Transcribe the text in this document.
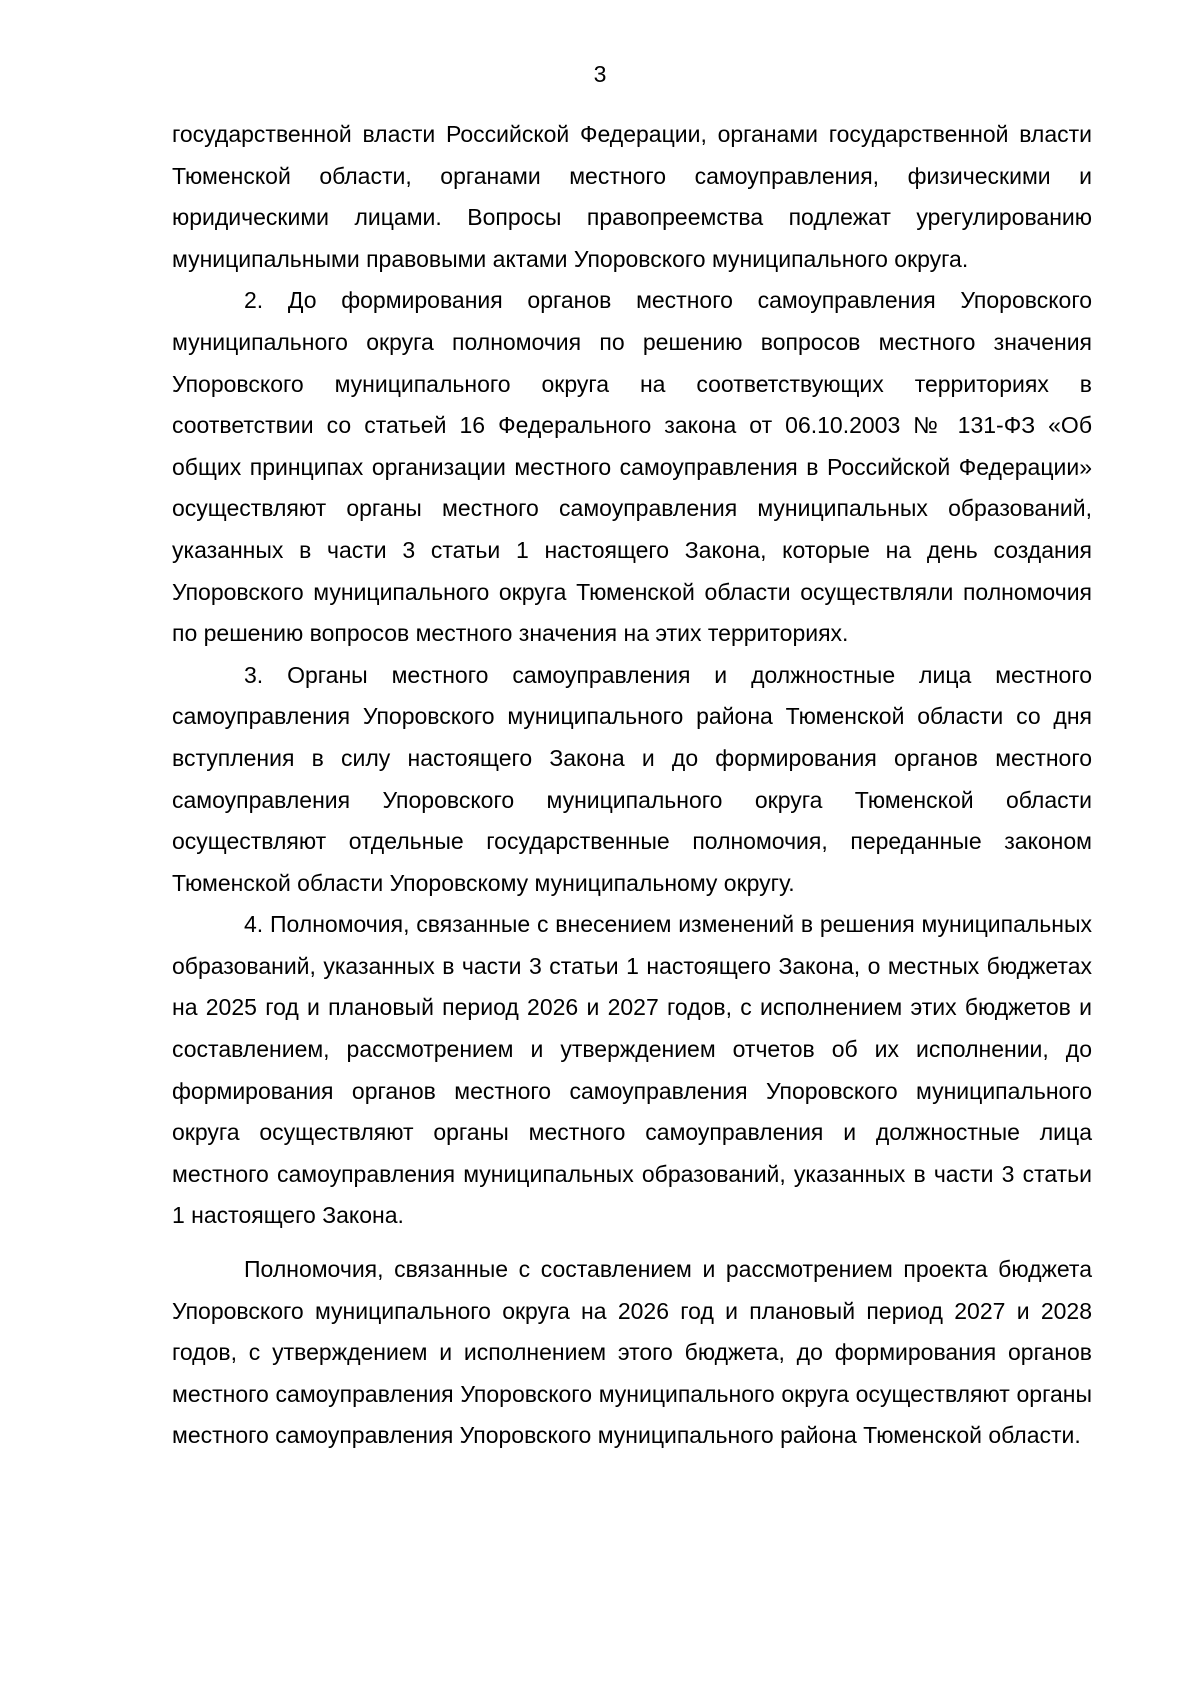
3

государственной власти Российской Федерации, органами государственной власти Тюменской области, органами местного самоуправления, физическими и юридическими лицами. Вопросы правопреемства подлежат урегулированию муниципальными правовыми актами Упоровского муниципального округа.

2. До формирования органов местного самоуправления Упоровского муниципального округа полномочия по решению вопросов местного значения Упоровского муниципального округа на соответствующих территориях в соответствии со статьей 16 Федерального закона от 06.10.2003 № 131-ФЗ «Об общих принципах организации местного самоуправления в Российской Федерации» осуществляют органы местного самоуправления муниципальных образований, указанных в части 3 статьи 1 настоящего Закона, которые на день создания Упоровского муниципального округа Тюменской области осуществляли полномочия по решению вопросов местного значения на этих территориях.

3. Органы местного самоуправления и должностные лица местного самоуправления Упоровского муниципального района Тюменской области со дня вступления в силу настоящего Закона и до формирования органов местного самоуправления Упоровского муниципального округа Тюменской области осуществляют отдельные государственные полномочия, переданные законом Тюменской области Упоровскому муниципальному округу.

4. Полномочия, связанные с внесением изменений в решения муниципальных образований, указанных в части 3 статьи 1 настоящего Закона, о местных бюджетах на 2025 год и плановый период 2026 и 2027 годов, с исполнением этих бюджетов и составлением, рассмотрением и утверждением отчетов об их исполнении, до формирования органов местного самоуправления Упоровского муниципального округа осуществляют органы местного самоуправления и должностные лица местного самоуправления муниципальных образований, указанных в части 3 статьи 1 настоящего Закона.

Полномочия, связанные с составлением и рассмотрением проекта бюджета Упоровского муниципального округа на 2026 год и плановый период 2027 и 2028 годов, с утверждением и исполнением этого бюджета, до формирования органов местного самоуправления Упоровского муниципального округа осуществляют органы местного самоуправления Упоровского муниципального района Тюменской области.
